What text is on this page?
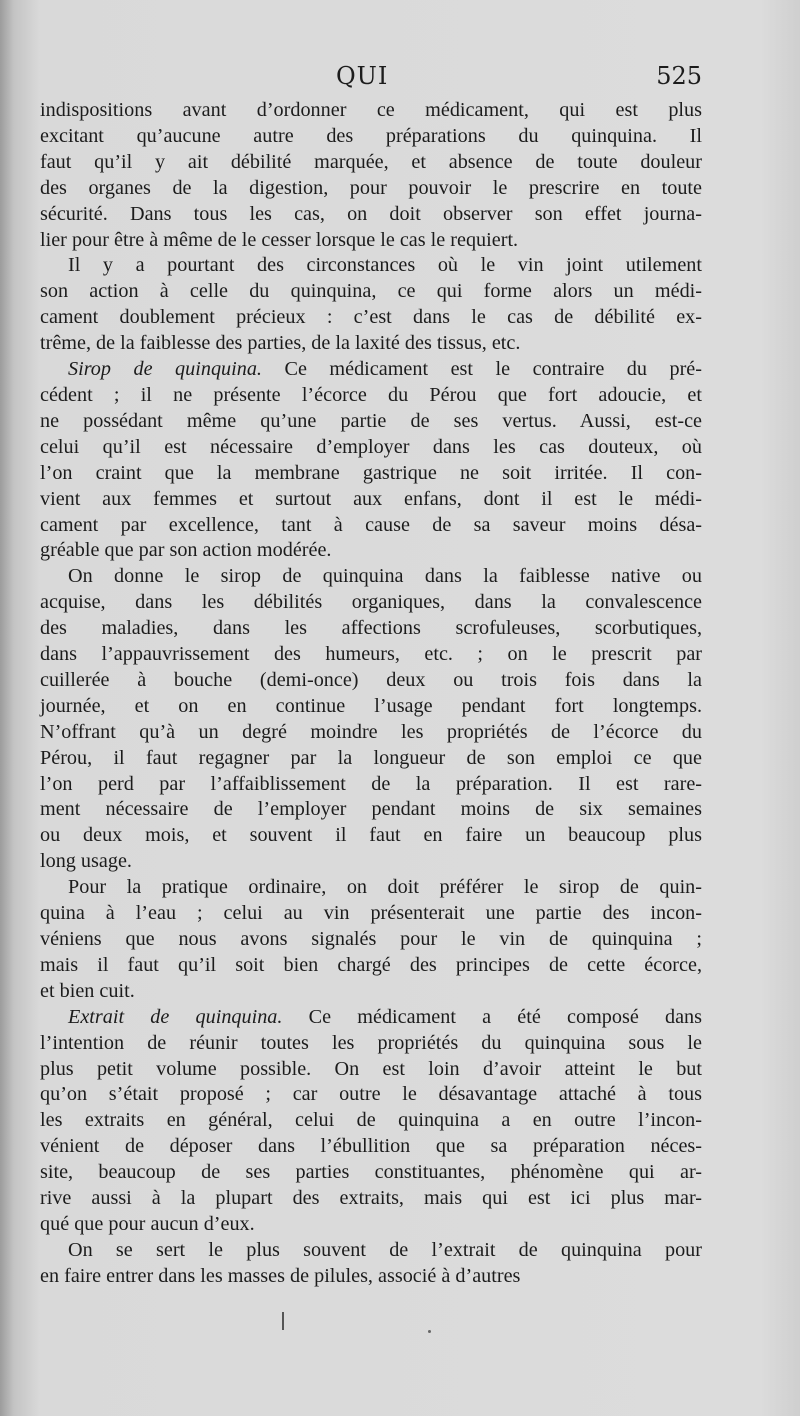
QUI	525

indispositions avant d’ordonner ce médicament, qui est plus
excitant qu’aucune autre des préparations du quinquina. Il
faut qu’il y ait débilité marquée, et absence de toute douleur
des organes de la digestion, pour pouvoir le prescrire en toute
sécurité. Dans tous les cas, on doit observer son effet journa-
lier pour être à même de le cesser lorsque le cas le requiert.

Il y a pourtant des circonstances où le vin joint utilement
son action à celle du quinquina, ce qui forme alors un médi-
cament doublement précieux : c’est dans le cas de débilité ex-
trême, de la faiblesse des parties, de la laxité des tissus, etc.

Sirop de quinquina. Ce médicament est le contraire du pré-
cédent ; il ne présente l’écorce du Pérou que fort adoucie, et
ne possédant même qu’une partie de ses vertus. Aussi, est-ce
celui qu’il est nécessaire d’employer dans les cas douteux, où
l’on craint que la membrane gastrique ne soit irritée. Il con-
vient aux femmes et surtout aux enfans, dont il est le médi-
cament par excellence, tant à cause de sa saveur moins désa-
gréable que par son action modérée.

On donne le sirop de quinquina dans la faiblesse native ou
acquise, dans les débilités organiques, dans la convalescence
des maladies, dans les affections scrofuleuses, scorbutiques,
dans l’appauvrissement des humeurs, etc. ; on le prescrit par
cuillerée à bouche (demi-once) deux ou trois fois dans la
journée, et on en continue l’usage pendant fort longtemps.
N’offrant qu’à un degré moindre les propriétés de l’écorce du
Pérou, il faut regagner par la longueur de son emploi ce que
l’on perd par l’affaiblissement de la préparation. Il est rare-
ment nécessaire de l’employer pendant moins de six semaines
ou deux mois, et souvent il faut en faire un beaucoup plus
long usage.

Pour la pratique ordinaire, on doit préférer le sirop de quin-
quina à l’eau ; celui au vin présenterait une partie des incon-
véniens que nous avons signalés pour le vin de quinquina ;
mais il faut qu’il soit bien chargé des principes de cette écorce,
et bien cuit.

Extrait de quinquina. Ce médicament a été composé dans
l’intention de réunir toutes les propriétés du quinquina sous le
plus petit volume possible. On est loin d’avoir atteint le but
qu’on s’était proposé ; car outre le désavantage attaché à tous
les extraits en général, celui de quinquina a en outre l’incon-
vénient de déposer dans l’ébullition que sa préparation néces-
site, beaucoup de ses parties constituantes, phénomène qui ar-
rive aussi à la plupart des extraits, mais qui est ici plus mar-
qué que pour aucun d’eux.

On se sert le plus souvent de l’extrait de quinquina pour
en faire entrer dans les masses de pilules, associé à d’autres
